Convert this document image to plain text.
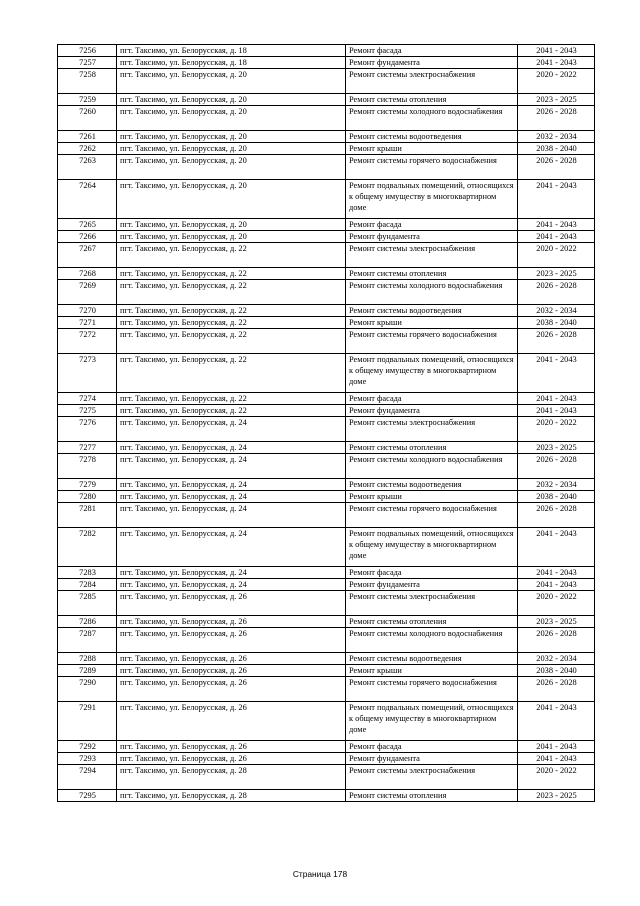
7256	пгт. Таксимо, ул. Белорусская, д. 18	Ремонт фасада	2041 - 2043
7257	пгт. Таксимо, ул. Белорусская, д. 18	Ремонт фундамента	2041 - 2043
7258	пгт. Таксимо, ул. Белорусская, д. 20	Ремонт системы электроснабжения	2020 - 2022
7259	пгт. Таксимо, ул. Белорусская, д. 20	Ремонт системы отопления	2023 - 2025
7260	пгт. Таксимо, ул. Белорусская, д. 20	Ремонт системы холодного водоснабжения	2026 - 2028
7261	пгт. Таксимо, ул. Белорусская, д. 20	Ремонт системы водоотведения	2032 - 2034
7262	пгт. Таксимо, ул. Белорусская, д. 20	Ремонт крыши	2038 - 2040
7263	пгт. Таксимо, ул. Белорусская, д. 20	Ремонт системы горячего водоснабжения	2026 - 2028
7264	пгт. Таксимо, ул. Белорусская, д. 20	Ремонт подвальных помещений, относящихся к общему имуществу в многоквартирном доме	2041 - 2043
7265	пгт. Таксимо, ул. Белорусская, д. 20	Ремонт фасада	2041 - 2043
7266	пгт. Таксимо, ул. Белорусская, д. 20	Ремонт фундамента	2041 - 2043
7267	пгт. Таксимо, ул. Белорусская, д. 22	Ремонт системы электроснабжения	2020 - 2022
7268	пгт. Таксимо, ул. Белорусская, д. 22	Ремонт системы отопления	2023 - 2025
7269	пгт. Таксимо, ул. Белорусская, д. 22	Ремонт системы холодного водоснабжения	2026 - 2028
7270	пгт. Таксимо, ул. Белорусская, д. 22	Ремонт системы водоотведения	2032 - 2034
7271	пгт. Таксимо, ул. Белорусская, д. 22	Ремонт крыши	2038 - 2040
7272	пгт. Таксимо, ул. Белорусская, д. 22	Ремонт системы горячего водоснабжения	2026 - 2028
7273	пгт. Таксимо, ул. Белорусская, д. 22	Ремонт подвальных помещений, относящихся к общему имуществу в многоквартирном доме	2041 - 2043
7274	пгт. Таксимо, ул. Белорусская, д. 22	Ремонт фасада	2041 - 2043
7275	пгт. Таксимо, ул. Белорусская, д. 22	Ремонт фундамента	2041 - 2043
7276	пгт. Таксимо, ул. Белорусская, д. 24	Ремонт системы электроснабжения	2020 - 2022
7277	пгт. Таксимо, ул. Белорусская, д. 24	Ремонт системы отопления	2023 - 2025
7278	пгт. Таксимо, ул. Белорусская, д. 24	Ремонт системы холодного водоснабжения	2026 - 2028
7279	пгт. Таксимо, ул. Белорусская, д. 24	Ремонт системы водоотведения	2032 - 2034
7280	пгт. Таксимо, ул. Белорусская, д. 24	Ремонт крыши	2038 - 2040
7281	пгт. Таксимо, ул. Белорусская, д. 24	Ремонт системы горячего водоснабжения	2026 - 2028
7282	пгт. Таксимо, ул. Белорусская, д. 24	Ремонт подвальных помещений, относящихся к общему имуществу в многоквартирном доме	2041 - 2043
7283	пгт. Таксимо, ул. Белорусская, д. 24	Ремонт фасада	2041 - 2043
7284	пгт. Таксимо, ул. Белорусская, д. 24	Ремонт фундамента	2041 - 2043
7285	пгт. Таксимо, ул. Белорусская, д. 26	Ремонт системы электроснабжения	2020 - 2022
7286	пгт. Таксимо, ул. Белорусская, д. 26	Ремонт системы отопления	2023 - 2025
7287	пгт. Таксимо, ул. Белорусская, д. 26	Ремонт системы холодного водоснабжения	2026 - 2028
7288	пгт. Таксимо, ул. Белорусская, д. 26	Ремонт системы водоотведения	2032 - 2034
7289	пгт. Таксимо, ул. Белорусская, д. 26	Ремонт крыши	2038 - 2040
7290	пгт. Таксимо, ул. Белорусская, д. 26	Ремонт системы горячего водоснабжения	2026 - 2028
7291	пгт. Таксимо, ул. Белорусская, д. 26	Ремонт подвальных помещений, относящихся к общему имуществу в многоквартирном доме	2041 - 2043
7292	пгт. Таксимо, ул. Белорусская, д. 26	Ремонт фасада	2041 - 2043
7293	пгт. Таксимо, ул. Белорусская, д. 26	Ремонт фундамента	2041 - 2043
7294	пгт. Таксимо, ул. Белорусская, д. 28	Ремонт системы электроснабжения	2020 - 2022
7295	пгт. Таксимо, ул. Белорусская, д. 28	Ремонт системы отопления	2023 - 2025
Страница 178
